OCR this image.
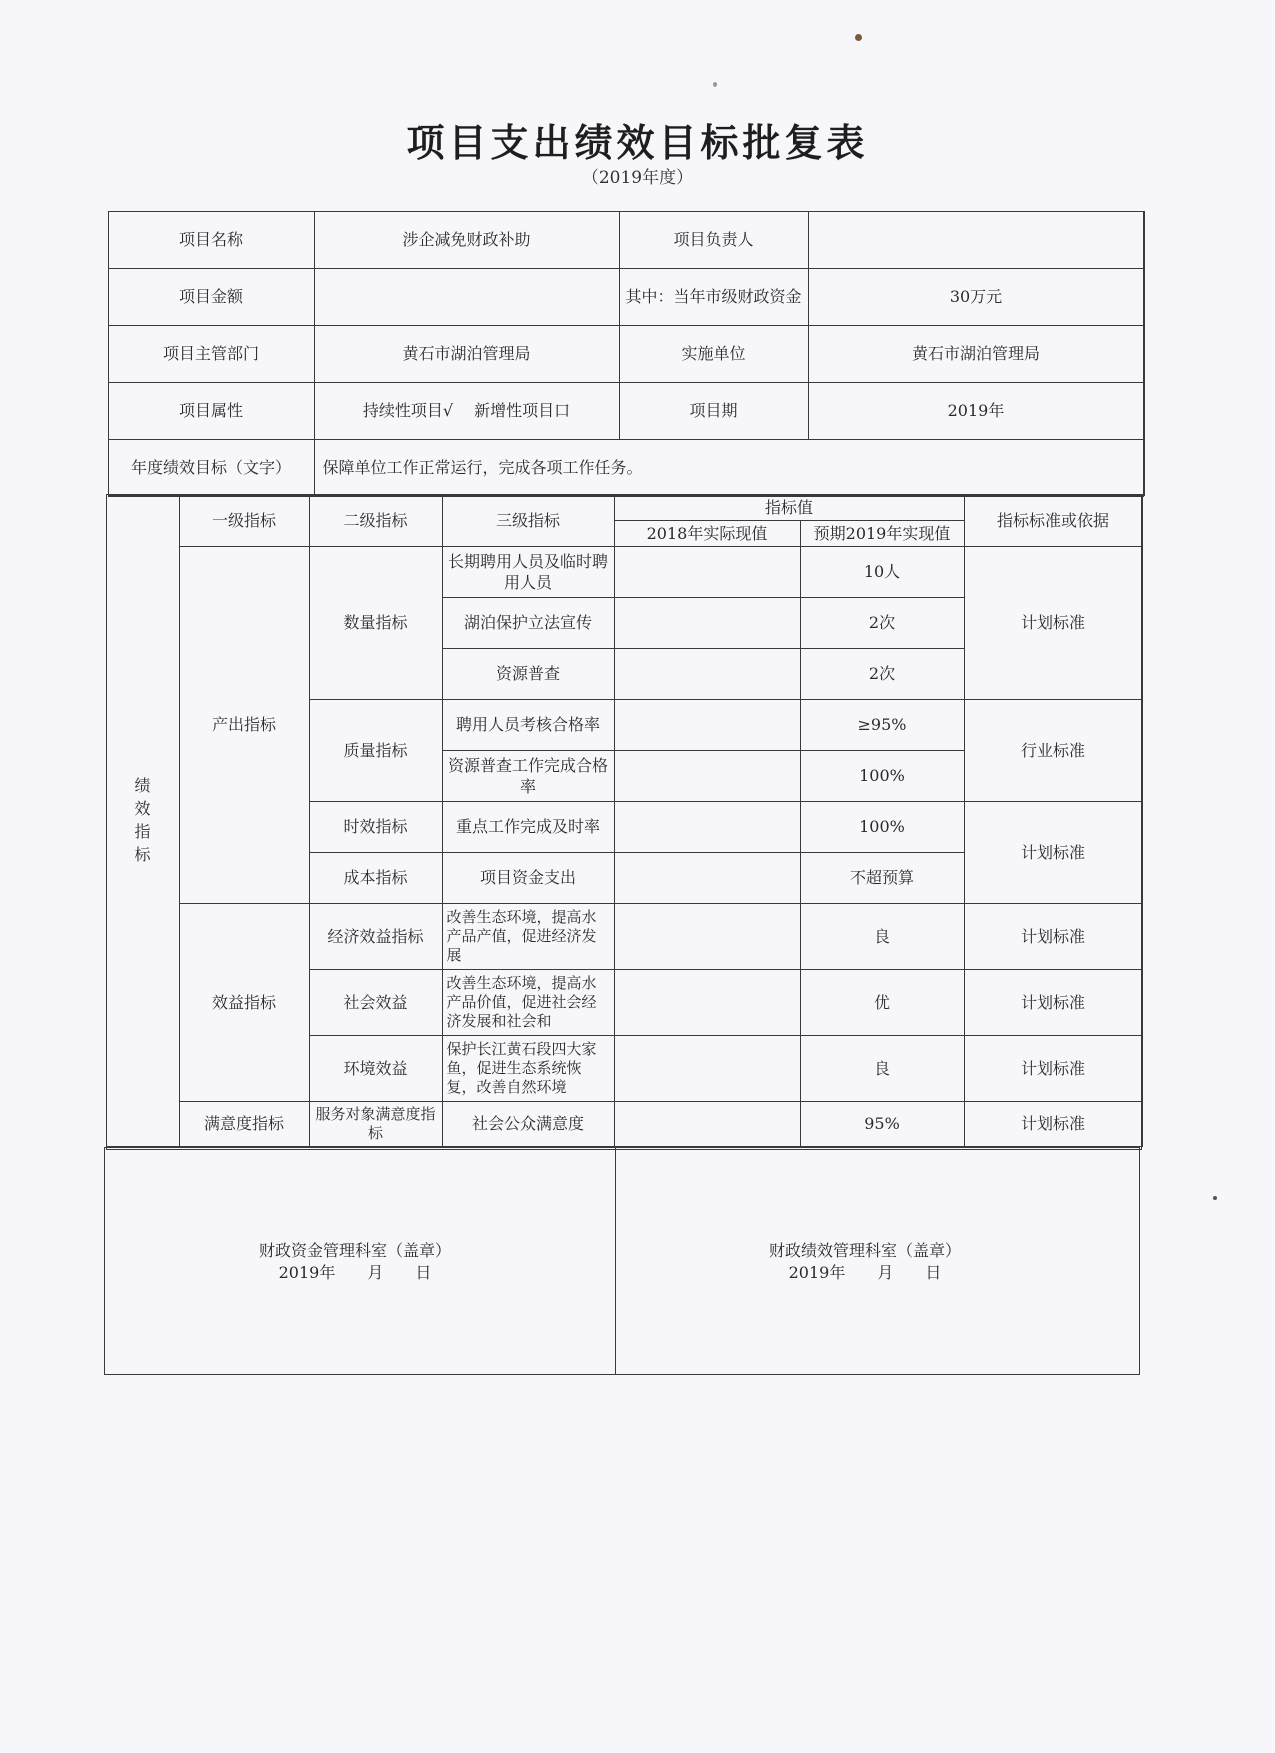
项目支出绩效目标批复表
（2019年度）
项目名称	涉企减免财政补助	项目负责人	
项目金额		其中：当年市级财政资金	30万元
项目主管部门	黄石市湖泊管理局	实施单位	黄石市湖泊管理局
项目属性	持续性项目√　 新增性项目口	项目期	2019年
年度绩效目标（文字）	保障单位工作正常运行，完成各项工作任务。		
绩效指标	一级指标	二级指标	三级指标	指标值		指标标准或依据
				2018年实际现值	预期2019年实现值	
	产出指标	数量指标	长期聘用人员及临时聘用人员		10人	计划标准
			湖泊保护立法宣传		2次	
			资源普查		2次	
		质量指标	聘用人员考核合格率		≥95%	行业标准
			资源普查工作完成合格率		100%	
		时效指标	重点工作完成及时率		100%	计划标准
		成本指标	项目资金支出		不超预算	
	效益指标	经济效益指标	改善生态环境，提高水产品产值，促进经济发展		良	计划标准
		社会效益	改善生态环境，提高水产品价值，促进社会经济发展和社会和		优	计划标准
		环境效益	保护长江黄石段四大家鱼，促进生态系统恢复，改善自然环境		良	计划标准
	满意度指标	服务对象满意度指标	社会公众满意度		95%	计划标准
财政资金管理科室（盖章）
2019年　　月　　日
财政绩效管理科室（盖章）
2019年　　月　　日
